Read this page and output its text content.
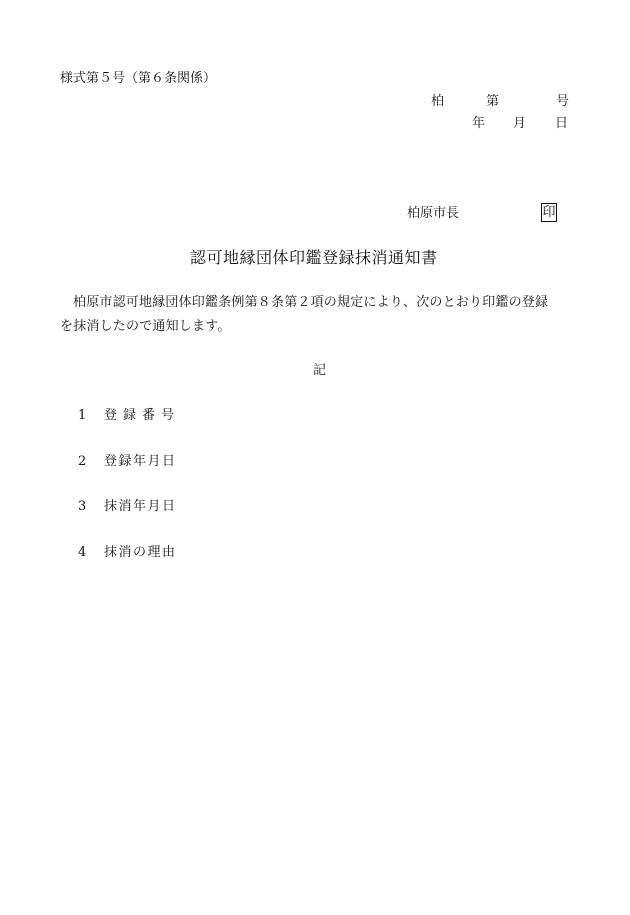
様式第５号（第６条関係）
柏	第	号
年 月 日
柏原市長	印
認可地縁団体印鑑登録抹消通知書
柏原市認可地縁団体印鑑条例第８条第２項の規定により、次のとおり印鑑の登録
を抹消したので通知します。
記
1 登録番号
2 登録年月日
3 抹消年月日
4 抹消の理由
